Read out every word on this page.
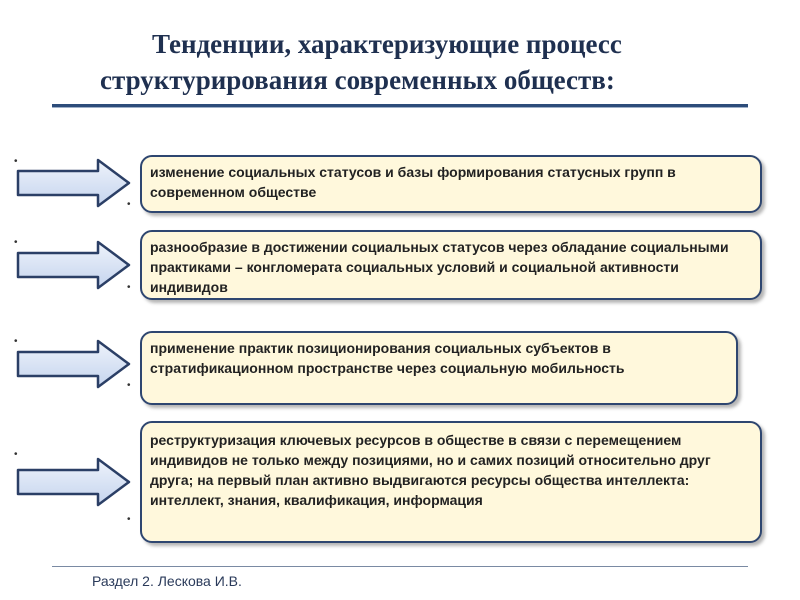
Тенденции, характеризующие процесс
структурирования современных обществ:
•
•
изменение социальных статусов и базы формирования статусных групп в современном обществе
•
•
разнообразие в достижении социальных статусов через обладание социальными практиками – конгломерата социальных условий и социальной активности индивидов
•
•
применение практик позиционирования социальных субъектов в стратификационном пространстве через социальную мобильность
•
•
реструктуризация ключевых ресурсов в обществе в связи с перемещением индивидов не только между позициями, но и самих позиций относительно друг друга; на первый план активно выдвигаются ресурсы общества интеллекта: интеллект, знания, квалификация, информация
Раздел 2. Лескова И.В.
